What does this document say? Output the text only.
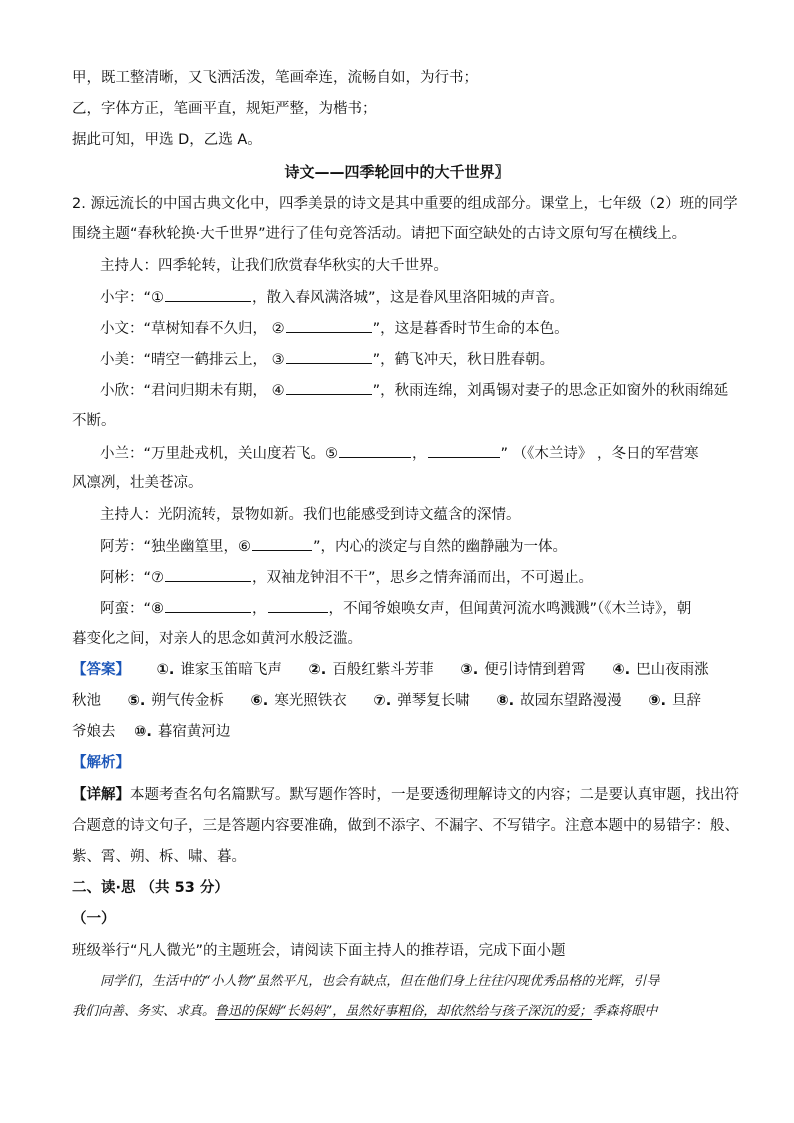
甲，既工整清晰，又飞洒活泼，笔画牵连，流畅自如，为行书；
乙，字体方正，笔画平直，规矩严整，为楷书；
据此可知，甲选 D，乙选 A。
诗文——四季轮回中的大千世界〗
2. 源远流长的中国古典文化中，四季美景的诗文是其中重要的组成部分。课堂上，七年级（2）班的同学
围绕主题“春秋轮换·大千世界”进行了佳句竞答活动。请把下面空缺处的古诗文原句写在横线上。
主持人：四季轮转，让我们欣赏春华秋实的大千世界。
小宇：“①	，散入春风满洛城”，这是眷风里洛阳城的声音。
小文：“草树知春不久归， ②	”，这是暮香时节生命的本色。
小美：“晴空一鹤排云上， ③	”，鹤飞冲天，秋日胜春朝。
小欣：“君问归期未有期， ④	”，秋雨连绵，刘禹锡对妻子的思念正如窗外的秋雨绵延
不断。
小兰：“万里赴戎机，关山度若飞。⑤	，	” （《木兰诗》 ，冬日的军营寒
风凛冽，壮美苍凉。
主持人：光阴流转，景物如新。我们也能感受到诗文蕴含的深情。
阿芳：“独坐幽篁里，⑥	”，内心的淡定与自然的幽静融为一体。
阿彬：“⑦	，双袖龙钟泪不干”，思乡之情奔涌而出，不可遏止。
阿蛮：“⑧	，	，不闻爷娘唤女声，但闻黄河流水鸣溅溅”（《木兰诗》，朝
暮变化之间，对亲人的思念如黄河水般泛滥。
【答案】 ①. 谁家玉笛暗飞声 ②. 百般红紫斗芳菲 ③. 便引诗情到碧霄 ④. 巴山夜雨涨
秋池 ⑤. 朔气传金柝 ⑥. 寒光照铁衣 ⑦. 弹琴复长啸 ⑧. 故园东望路漫漫 ⑨. 旦辞
爷娘去 ⑩. 暮宿黄河边
【解析】
【详解】本题考查名句名篇默写。默写题作答时，一是要透彻理解诗文的内容；二是要认真审题，找出符
合题意的诗文句子，三是答题内容要准确，做到不添字、不漏字、不写错字。注意本题中的易错字：般、
紫、霄、朔、柝、啸、暮。
二、读·思 （共 53 分）
（一）
班级举行“凡人微光”的主题班会，请阅读下面主持人的推荐语，完成下面小题
同学们，生活中的“小人物”虽然平凡，也会有缺点，但在他们身上往往闪现优秀品格的光辉，引导
我们向善、务实、求真。鲁迅的保姆“长妈妈”，虽然好事粗俗，却依然给与孩子深沉的爱；季森将眼中
